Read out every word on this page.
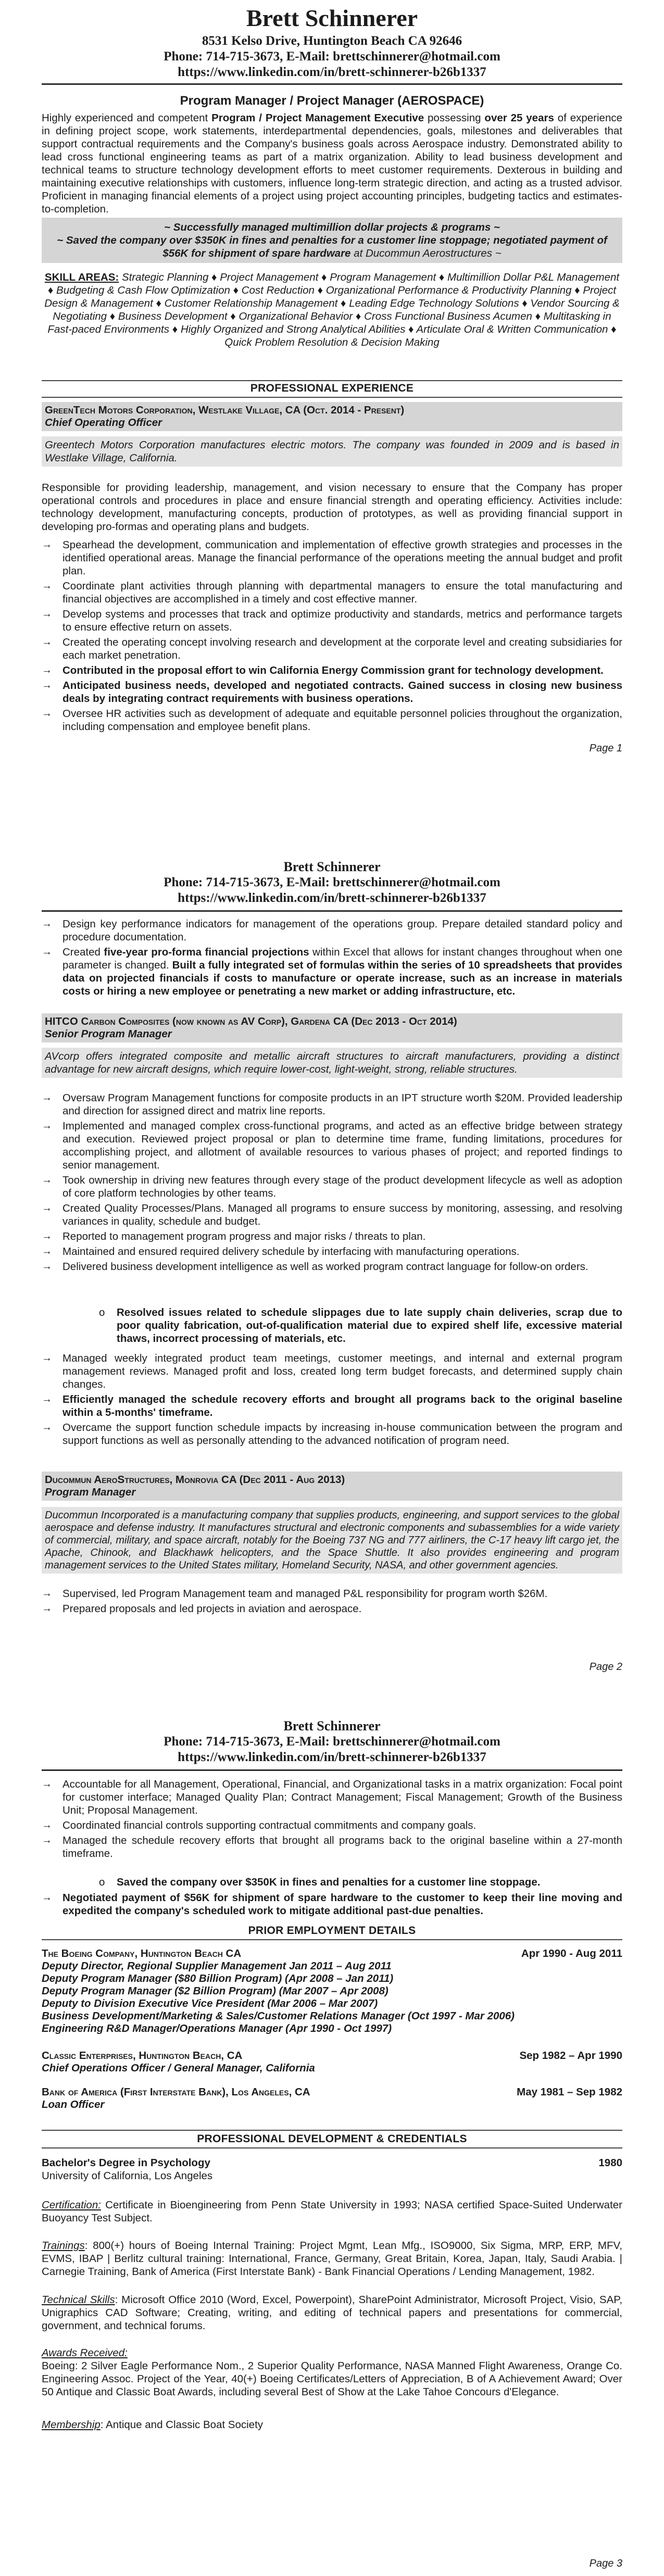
Brett Schinnerer
8531 Kelso Drive, Huntington Beach CA 92646
Phone: 714-715-3673, E-Mail: brettschinnerer@hotmail.com
https://www.linkedin.com/in/brett-schinnerer-b26b1337
Program Manager / Project Manager (AEROSPACE)
Highly experienced and competent Program / Project Management Executive possessing over 25 years of experience in defining project scope, work statements, interdepartmental dependencies, goals, milestones and deliverables that support contractual requirements and the Company's business goals across Aerospace industry. Demonstrated ability to lead cross functional engineering teams as part of a matrix organization. Ability to lead business development and technical teams to structure technology development efforts to meet customer requirements. Dexterous in building and maintaining executive relationships with customers, influence long-term strategic direction, and acting as a trusted advisor. Proficient in managing financial elements of a project using project accounting principles, budgeting tactics and estimates-to-completion.
~ Successfully managed multimillion dollar projects & programs ~
~ Saved the company over $350K in fines and penalties for a customer line stoppage; negotiated payment of $56K for shipment of spare hardware at Ducommun Aerostructures ~
SKILL AREAS: Strategic Planning ♦ Project Management ♦ Program Management ♦ Multimillion Dollar P&L Management ♦ Budgeting & Cash Flow Optimization ♦ Cost Reduction ♦ Organizational Performance & Productivity Planning ♦ Project Design & Management ♦ Customer Relationship Management ♦ Leading Edge Technology Solutions ♦ Vendor Sourcing & Negotiating ♦ Business Development ♦ Organizational Behavior ♦ Cross Functional Business Acumen ♦ Multitasking in Fast-paced Environments ♦ Highly Organized and Strong Analytical Abilities ♦ Articulate Oral & Written Communication ♦ Quick Problem Resolution & Decision Making
PROFESSIONAL EXPERIENCE
GreenTech Motors Corporation, Westlake Village, CA (Oct. 2014 - Present)
Chief Operating Officer
Greentech Motors Corporation manufactures electric motors. The company was founded in 2009 and is based in Westlake Village, California.
Responsible for providing leadership, management, and vision necessary to ensure that the Company has proper operational controls and procedures in place and ensure financial strength and operating efficiency. Activities include: technology development, manufacturing concepts, production of prototypes, as well as providing financial support in developing pro-formas and operating plans and budgets.
→ Spearhead the development, communication and implementation of effective growth strategies and processes in the identified operational areas. Manage the financial performance of the operations meeting the annual budget and profit plan.
→ Coordinate plant activities through planning with departmental managers to ensure the total manufacturing and financial objectives are accomplished in a timely and cost effective manner.
→ Develop systems and processes that track and optimize productivity and standards, metrics and performance targets to ensure effective return on assets.
→ Created the operating concept involving research and development at the corporate level and creating subsidiaries for each market penetration.
→ Contributed in the proposal effort to win California Energy Commission grant for technology development.
→ Anticipated business needs, developed and negotiated contracts. Gained success in closing new business deals by integrating contract requirements with business operations.
→ Oversee HR activities such as development of adequate and equitable personnel policies throughout the organization, including compensation and employee benefit plans.
Page 1
Brett Schinnerer
Phone: 714-715-3673, E-Mail: brettschinnerer@hotmail.com
https://www.linkedin.com/in/brett-schinnerer-b26b1337
→ Design key performance indicators for management of the operations group. Prepare detailed standard policy and procedure documentation.
→ Created five-year pro-forma financial projections within Excel that allows for instant changes throughout when one parameter is changed. Built a fully integrated set of formulas within the series of 10 spreadsheets that provides data on projected financials if costs to manufacture or operate increase, such as an increase in materials costs or hiring a new employee or penetrating a new market or adding infrastructure, etc.
HITCO Carbon Composites (now known as AV Corp), Gardena CA (Dec 2013 - Oct 2014)
Senior Program Manager
AVcorp offers integrated composite and metallic aircraft structures to aircraft manufacturers, providing a distinct advantage for new aircraft designs, which require lower-cost, light-weight, strong, reliable structures.
→ Oversaw Program Management functions for composite products in an IPT structure worth $20M. Provided leadership and direction for assigned direct and matrix line reports.
→ Implemented and managed complex cross-functional programs, and acted as an effective bridge between strategy and execution. Reviewed project proposal or plan to determine time frame, funding limitations, procedures for accomplishing project, and allotment of available resources to various phases of project; and reported findings to senior management.
→ Took ownership in driving new features through every stage of the product development lifecycle as well as adoption of core platform technologies by other teams.
→ Created Quality Processes/Plans. Managed all programs to ensure success by monitoring, assessing, and resolving variances in quality, schedule and budget.
→ Reported to management program progress and major risks / threats to plan.
→ Maintained and ensured required delivery schedule by interfacing with manufacturing operations.
→ Delivered business development intelligence as well as worked program contract language for follow-on orders.
o Resolved issues related to schedule slippages due to late supply chain deliveries, scrap due to poor quality fabrication, out-of-qualification material due to expired shelf life, excessive material thaws, incorrect processing of materials, etc.
→ Managed weekly integrated product team meetings, customer meetings, and internal and external program management reviews. Managed profit and loss, created long term budget forecasts, and determined supply chain changes.
→ Efficiently managed the schedule recovery efforts and brought all programs back to the original baseline within a 5-months' timeframe.
→ Overcame the support function schedule impacts by increasing in-house communication between the program and support functions as well as personally attending to the advanced notification of program need.
Ducommun AeroStructures, Monrovia CA (Dec 2011 - Aug 2013)
Program Manager
Ducommun Incorporated is a manufacturing company that supplies products, engineering, and support services to the global aerospace and defense industry. It manufactures structural and electronic components and subassemblies for a wide variety of commercial, military, and space aircraft, notably for the Boeing 737 NG and 777 airliners, the C-17 heavy lift cargo jet, the Apache, Chinook, and Blackhawk helicopters, and the Space Shuttle. It also provides engineering and program management services to the United States military, Homeland Security, NASA, and other government agencies.
→ Supervised, led Program Management team and managed P&L responsibility for program worth $26M.
→ Prepared proposals and led projects in aviation and aerospace.
Page 2
Brett Schinnerer
Phone: 714-715-3673, E-Mail: brettschinnerer@hotmail.com
https://www.linkedin.com/in/brett-schinnerer-b26b1337
→ Accountable for all Management, Operational, Financial, and Organizational tasks in a matrix organization: Focal point for customer interface; Managed Quality Plan; Contract Management; Fiscal Management; Growth of the Business Unit; Proposal Management.
→ Coordinated financial controls supporting contractual commitments and company goals.
→ Managed the schedule recovery efforts that brought all programs back to the original baseline within a 27-month timeframe.
o Saved the company over $350K in fines and penalties for a customer line stoppage.
→ Negotiated payment of $56K for shipment of spare hardware to the customer to keep their line moving and expedited the company's scheduled work to mitigate additional past-due penalties.
PRIOR EMPLOYMENT DETAILS
The Boeing Company, Huntington Beach CA	Apr 1990 - Aug 2011
Deputy Director, Regional Supplier Management Jan 2011 – Aug 2011
Deputy Program Manager ($80 Billion Program) (Apr 2008 – Jan 2011)
Deputy Program Manager ($2 Billion Program) (Mar 2007 – Apr 2008)
Deputy to Division Executive Vice President (Mar 2006 – Mar 2007)
Business Development/Marketing & Sales/Customer Relations Manager (Oct 1997 - Mar 2006)
Engineering R&D Manager/Operations Manager (Apr 1990 - Oct 1997)
Classic Enterprises, Huntington Beach, CA	Sep 1982 – Apr 1990
Chief Operations Officer / General Manager, California
Bank of America (First Interstate Bank), Los Angeles, CA	May 1981 – Sep 1982
Loan Officer
PROFESSIONAL DEVELOPMENT & CREDENTIALS
Bachelor's Degree in Psychology	1980
University of California, Los Angeles
Certification: Certificate in Bioengineering from Penn State University in 1993; NASA certified Space-Suited Underwater Buoyancy Test Subject.
Trainings: 800(+) hours of Boeing Internal Training: Project Mgmt, Lean Mfg., ISO9000, Six Sigma, MRP, ERP, MFV, EVMS, IBAP | Berlitz cultural training: International, France, Germany, Great Britain, Korea, Japan, Italy, Saudi Arabia. | Carnegie Training, Bank of America (First Interstate Bank) - Bank Financial Operations / Lending Management, 1982.
Technical Skills: Microsoft Office 2010 (Word, Excel, Powerpoint), SharePoint Administrator, Microsoft Project, Visio, SAP, Unigraphics CAD Software; Creating, writing, and editing of technical papers and presentations for commercial, government, and technical forums.
Awards Received:
Boeing: 2 Silver Eagle Performance Nom., 2 Superior Quality Performance, NASA Manned Flight Awareness, Orange Co. Engineering Assoc. Project of the Year, 40(+) Boeing Certificates/Letters of Appreciation, B of A Achievement Award; Over 50 Antique and Classic Boat Awards, including several Best of Show at the Lake Tahoe Concours d'Elegance.
Membership: Antique and Classic Boat Society
Page 3
